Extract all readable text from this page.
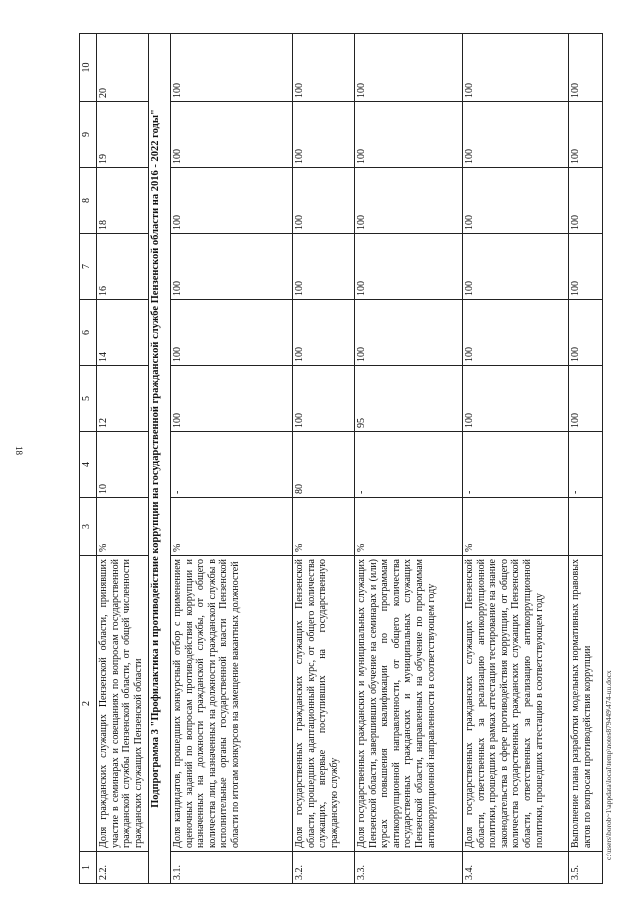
18
1	2	3	4	5	6	7	8	9	10
2.2.	Доля гражданских служащих Пензенской области, принявших участие в семинарах и совещаниях по вопросам государственной гражданской службы Пензенской области, от общей численности гражданских служащих Пензенской области	%	10	12	14	16	18	19	20
Подпрограмма 3 "Профилактика и противодействие коррупции на государственной гражданской службе Пензенской области на 2016 - 2022 годы"									
3.1.	Доля кандидатов, прошедших конкурсный отбор с применением оценочных заданий по вопросам противодействия коррупции и назначенных на должности гражданской службы, от общего количества лиц, назначенных на должности гражданской службы в исполнительные органы государственной власти Пензенской области по итогам конкурсов на замещение вакантных должностей	%	-	100	100	100	100	100	100
3.2.	Доля государственных гражданских служащих Пензенской области, прошедших адаптационный курс, от общего количества служащих, впервые поступивших на государственную гражданскую службу	%	80	100	100	100	100	100	100
3.3.	Доля государственных гражданских и муниципальных служащих Пензенской области, завершивших обучение на семинарах и (или) курсах повышения квалификации по программам антикоррупционной направленности, от общего количества государственных гражданских и муниципальных служащих Пензенской области, направленных на обучение по программам антикоррупционной направленности в соответствующем году	%	-	95	100	100	100	100	100
3.4.	Доля государственных гражданских служащих Пензенской области, ответственных за реализацию антикоррупционной политики, прошедших в рамках аттестации тестирование на знание законодательства в сфере противодействия коррупции, от общего количества государственных гражданских служащих Пензенской области, ответственных за реализацию антикоррупционной политики, прошедших аттестацию в соответствующем году	%	-	100	100	100	100	100	100
3.5.	Выполнение плана разработки модельных нормативных правовых актов по вопросам противодействия коррупции		-	100	100	100	100	100	100
c:\users\borob~1\appdata\local\temp\notes879449\474-uu.docx
